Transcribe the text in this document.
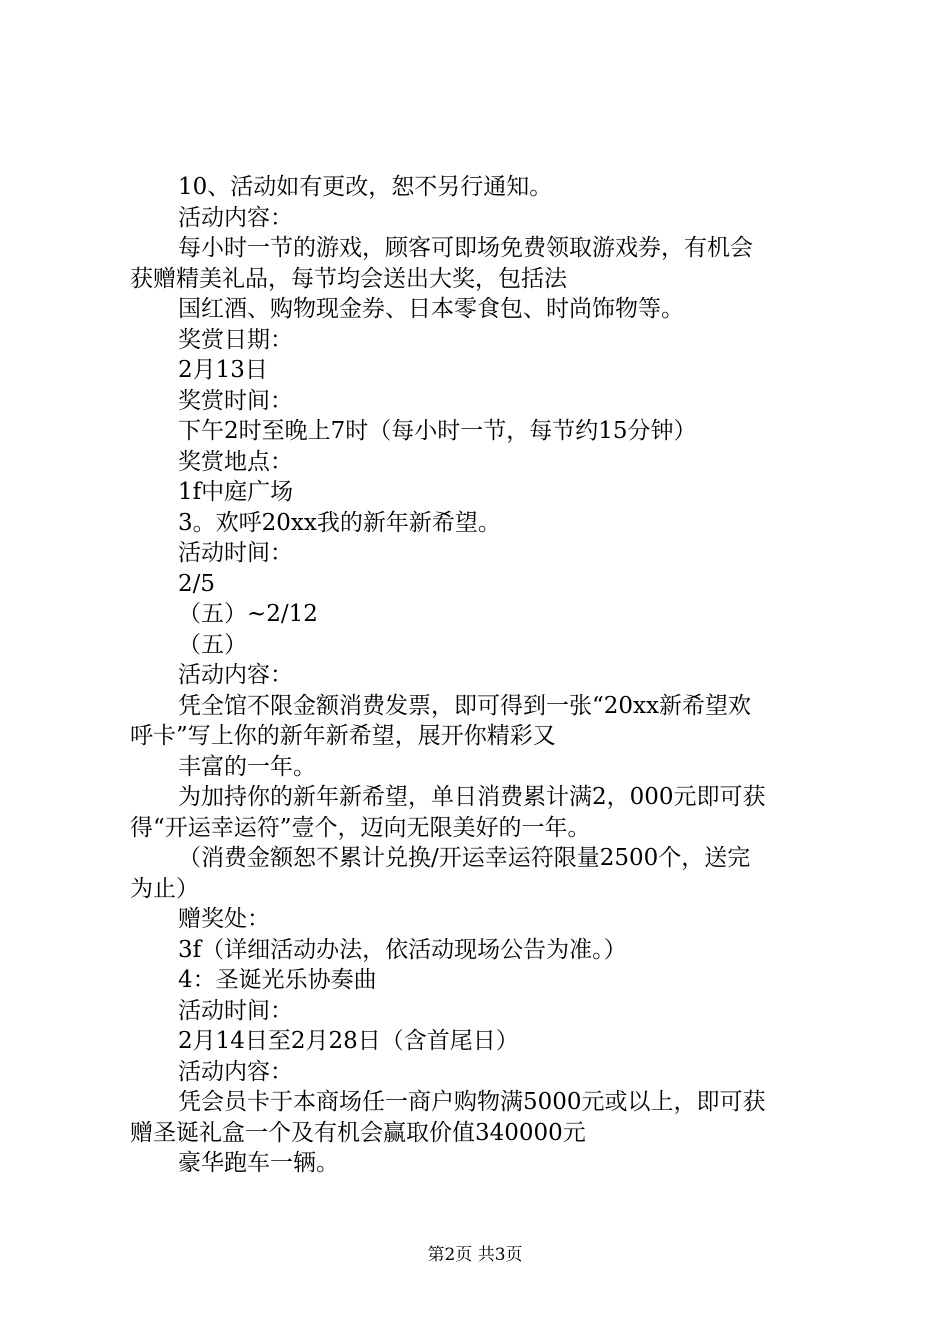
10、活动如有更改，恕不另行通知。
活动内容：
每小时一节的游戏，顾客可即场免费领取游戏券，有机会
获赠精美礼品，每节均会送出大奖，包括法
国红酒、购物现金券、日本零食包、时尚饰物等。
奖赏日期：
2月13日
奖赏时间：
下午2时至晚上7时（每小时一节，每节约15分钟）
奖赏地点：
1f中庭广场
3。欢呼20xx我的新年新希望。
活动时间：
2/5
（五）~2/12
（五）
活动内容：
凭全馆不限金额消费发票，即可得到一张“20xx新希望欢
呼卡”写上你的新年新希望，展开你精彩又
丰富的一年。
为加持你的新年新希望，单日消费累计满2，000元即可获
得“开运幸运符”壹个，迈向无限美好的一年。
（消费金额恕不累计兑换/开运幸运符限量2500个，送完
为止）
赠奖处：
3f（详细活动办法，依活动现场公告为准。）
4：圣诞光乐协奏曲
活动时间：
2月14日至2月28日（含首尾日）
活动内容：
凭会员卡于本商场任一商户购物满5000元或以上，即可获
赠圣诞礼盒一个及有机会赢取价值340000元
豪华跑车一辆。
第2页 共3页
